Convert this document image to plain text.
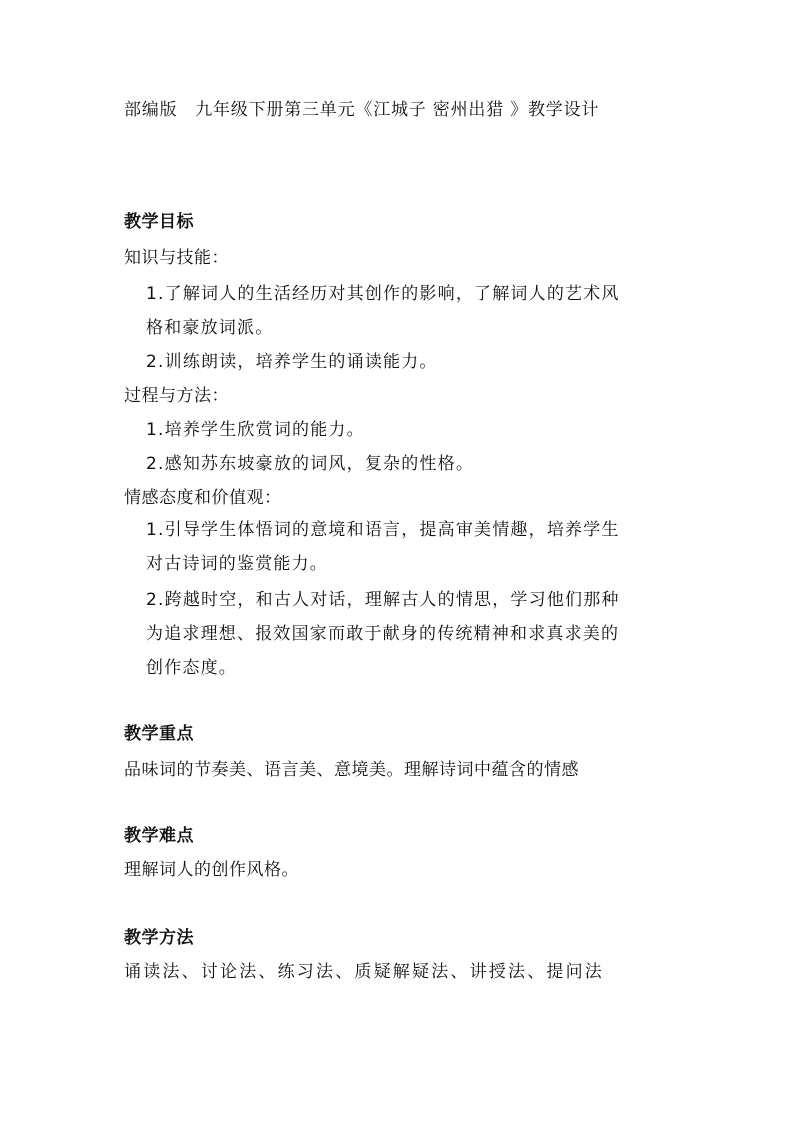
部编版　九年级下册第三单元《江城子 密州出猎 》教学设计
教学目标
知识与技能：
1.了解词人的生活经历对其创作的影响，了解词人的艺术风
格和豪放词派。
2.训练朗读，培养学生的诵读能力。
过程与方法：
1.培养学生欣赏词的能力。
2.感知苏东坡豪放的词风，复杂的性格。
情感态度和价值观：
1.引导学生体悟词的意境和语言，提高审美情趣，培养学生
对古诗词的鉴赏能力。
2.跨越时空，和古人对话，理解古人的情思，学习他们那种
为追求理想、报效国家而敢于献身的传统精神和求真求美的
创作态度。
教学重点
品味词的节奏美、语言美、意境美。理解诗词中蕴含的情感
教学难点
理解词人的创作风格。
教学方法
诵读法、讨论法、练习法、质疑解疑法、讲授法、提问法
